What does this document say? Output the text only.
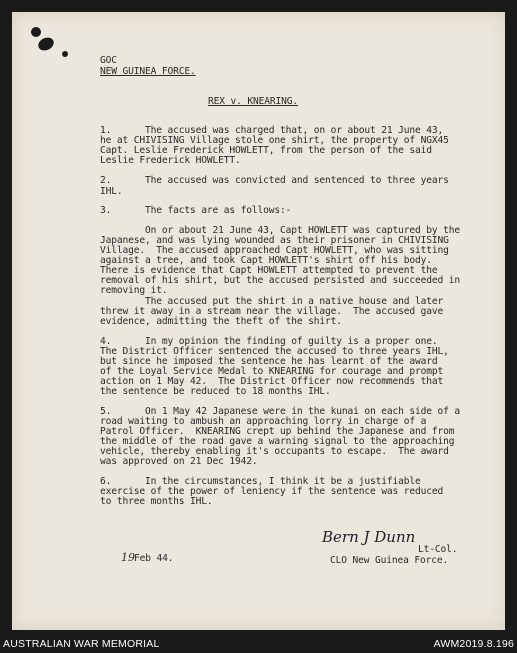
GOC
NEW GUINEA FORCE.
REX v. KNEARING.
1.      The accused was charged that, on or about 21 June 43,
he at CHIVISING Village stole one shirt, the property of NGX45
Capt. Leslie Frederick HOWLETT, from the person of the said
Leslie Frederick HOWLETT.
2.      The accused was convicted and sentenced to three years
IHL.
3.      The facts are as follows:-
On or about 21 June 43, Capt HOWLETT was captured by the
Japanese, and was lying wounded as their prisoner in CHIVISING
Village.  The accused approached Capt HOWLETT, who was sitting
against a tree, and took Capt HOWLETT's shirt off his body.
There is evidence that Capt HOWLETT attempted to prevent the
removal of his shirt, but the accused persisted and succeeded in
removing it.
The accused put the shirt in a native house and later
threw it away in a stream near the village.  The accused gave
evidence, admitting the theft of the shirt.
4.      In my opinion the finding of guilty is a proper one.
The District Officer sentenced the accused to three years IHL,
but since he imposed the sentence he has learnt of the award
of the Loyal Service Medal to KNEARING for courage and prompt
action on 1 May 42.  The District Officer now recommends that
the sentence be reduced to 18 months IHL.
5.      On 1 May 42 Japanese were in the kunai on each side of a
road waiting to ambush an approaching lorry in charge of a
Patrol Officer.  KNEARING crept up behind the Japanese and from
the middle of the road gave a warning signal to the approaching
vehicle, thereby enabling it's occupants to escape.  The award
was approved on 21 Dec 1942.
6.      In the circumstances, I think it be a justifiable
exercise of the power of leniency if the sentence was reduced
to three months IHL.
Bern J Dunn
Lt-Col.
CLO New Guinea Force.
19 Feb 44.
AUSTRALIAN WAR MEMORIAL	AWM2019.8.196
